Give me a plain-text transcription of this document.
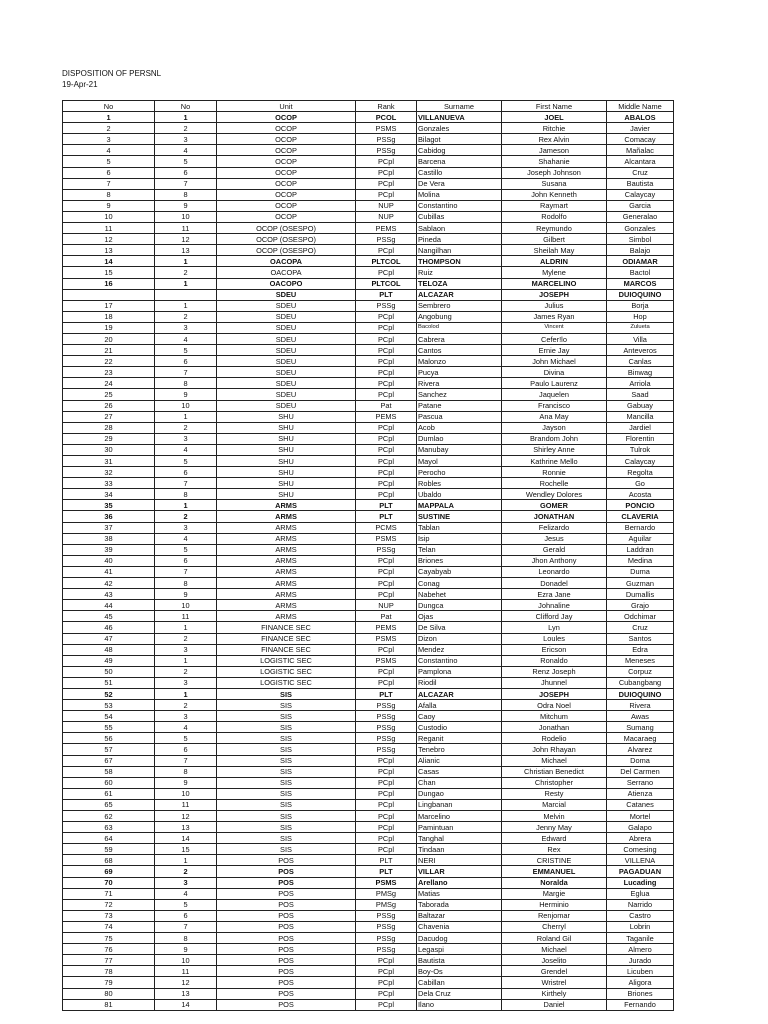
DISPOSITION OF PERSNL
19-Apr-21
No	No	Unit	Rank	Surname	First Name	Middle Name
1	1	OCOP	PCOL	VILLANUEVA	JOEL	ABALOS
2	2	OCOP	PSMS	Gonzales	Ritchie	Javier
3	3	OCOP	PSSg	Bilagot	Rex Alvin	Comacay
4	4	OCOP	PSSg	Cabidog	Jameson	Mañalac
5	5	OCOP	PCpl	Barcena	Shahanie	Alcantara
6	6	OCOP	PCpl	Castillo	Joseph Johnson	Cruz
7	7	OCOP	PCpl	De Vera	Susana	Bautista
8	8	OCOP	PCpl	Molina	John Kenneth	Calaycay
9	9	OCOP	NUP	Constantino	Raymart	Garcia
10	10	OCOP	NUP	Cubillas	Rodolfo	Generalao
11	11	OCOP (OSESPO)	PEMS	Sablaon	Reymundo	Gonzales
12	12	OCOP (OSESPO)	PSSg	Pineda	Gilbert	Simbol
13	13	OCOP (OSESPO)	PCpl	Nangilhan	Sheilah May	Balajo
14	1	OACOPA	PLTCOL	THOMPSON	ALDRIN	ODIAMAR
15	2	OACOPA	PCpl	Ruiz	Mylene	Bactol
16	1	OACOPO	PLTCOL	TELOZA	MARCELINO	MARCOS
		SDEU	PLT	ALCAZAR	JOSEPH	DUIOQUINO
17	1	SDEU	PSSg	Sembrero	Julius	Borja
18	2	SDEU	PCpl	Angobung	James Ryan	Hop
19	3	SDEU	PCpl	Bacolod	Vincent	Zulueta
20	4	SDEU	PCpl	Cabrera	Cefer!lo	Villa
21	5	SDEU	PCpl	Cantos	Ernie Jay	Anteveros
22	6	SDEU	PCpl	Malonzo	John Michael	Canlas
23	7	SDEU	PCpl	Pucya	Divina	Binwag
24	8	SDEU	PCpl	Rivera	Paulo Laurenz	Arriola
25	9	SDEU	PCpl	Sanchez	Jaquelen	Saad
26	10	SDEU	Pat	Patane	Francisco	Gabuay
27	1	SHU	PEMS	Pascua	Ana May	Mancilla
28	2	SHU	PCpl	Acob	Jayson	Jardiel
29	3	SHU	PCpl	Dumlao	Brandom John	Florentin
30	4	SHU	PCpl	Manubay	Shirley Anne	Tulrok
31	5	SHU	PCpl	Mayol	Kathrine Mello	Calaycay
32	6	SHU	PCpl	Perocho	Ronnie	Regolta
33	7	SHU	PCpl	Robles	Rochelle	Go
34	8	SHU	PCpl	Ubaldo	Wendley Dolores	Acosta
35	1	ARMS	PLT	MAPPALA	GOMER	PONCIO
36	2	ARMS	PLT	SUSTINE	JONATHAN	CLAVERIA
37	3	ARMS	PCMS	Tablan	Felizardo	Bernardo
38	4	ARMS	PSMS	Isip	Jesus	Aguilar
39	5	ARMS	PSSg	Telan	Gerald	Laddran
40	6	ARMS	PCpl	Briones	Jhon Anthony	Medina
41	7	ARMS	PCpl	Cayabyab	Leonardo	Duma
42	8	ARMS	PCpl	Conag	Donadel	Guzman
43	9	ARMS	PCpl	Nabehet	Ezra Jane	Dumallis
44	10	ARMS	NUP	Dungca	Johnaline	Grajo
45	11	ARMS	Pat	Ojas	Clifford Jay	Odchimar
46	1	FINANCE SEC	PEMS	De Silva	Lyn	Cruz
47	2	FINANCE SEC	PSMS	Dizon	Loules	Santos
48	3	FINANCE SEC	PCpl	Mendez	Ericson	Edra
49	1	LOGISTIC SEC	PSMS	Constantino	Ronaldo	Meneses
50	2	LOGISTIC SEC	PCpl	Pamplona	Renz Joseph	Corpuz
51	3	LOGISTIC SEC	PCpl	Riodil	Jhunnel	Cubangbang
52	1	SIS	PLT	ALCAZAR	JOSEPH	DUIOQUINO
53	2	SIS	PSSg	Afalla	Odra Noel	Rivera
54	3	SIS	PSSg	Caoy	Mitchum	Awas
55	4	SIS	PSSg	Custodio	Jonathan	Sumang
56	5	SIS	PSSg	Reganit	Rodelio	Macaraeg
57	6	SIS	PSSg	Tenebro	John Rhayan	Alvarez
67	7	SIS	PCpl	Alianic	Michael	Doma
58	8	SIS	PCpl	Casas	Christian Benedict	Del Carmen
60	9	SIS	PCpl	Chan	Christopher	Serrano
61	10	SIS	PCpl	Dungao	Resty	Atienza
65	11	SIS	PCpl	Lingbanan	Marcial	Catanes
62	12	SIS	PCpl	Marcelino	Melvin	Mortel
63	13	SIS	PCpl	Pamintuan	Jenny May	Galapo
64	14	SIS	PCpl	Tanghal	Edward	Abrera
59	15	SIS	PCpl	Tindaan	Rex	Comesing
68	1	POS	PLT	NERI	CRISTINE	VILLENA
69	2	POS	PLT	VILLAR	EMMANUEL	PAGADUAN
70	3	POS	PSMS	Arellano	Noralda	Lucading
71	4	POS	PMSg	Matias	Margie	Eglua
72	5	POS	PMSg	Taborada	Herminio	Narrido
73	6	POS	PSSg	Baltazar	Renjomar	Castro
74	7	POS	PSSg	Chavenia	Cherryl	Lobrin
75	8	POS	PSSg	Dacudog	Roland Gil	Taganile
76	9	POS	PSSg	Legaspi	Michael	Almero
77	10	POS	PCpl	Bautista	Joselito	Jurado
78	11	POS	PCpl	Boy-Os	Grendel	Licuben
79	12	POS	PCpl	Cabillan	Wristrel	Aligora
80	13	POS	PCpl	Dela Cruz	Kirthely	Briones
81	14	POS	PCpl	Ilano	Daniel	Fernando
